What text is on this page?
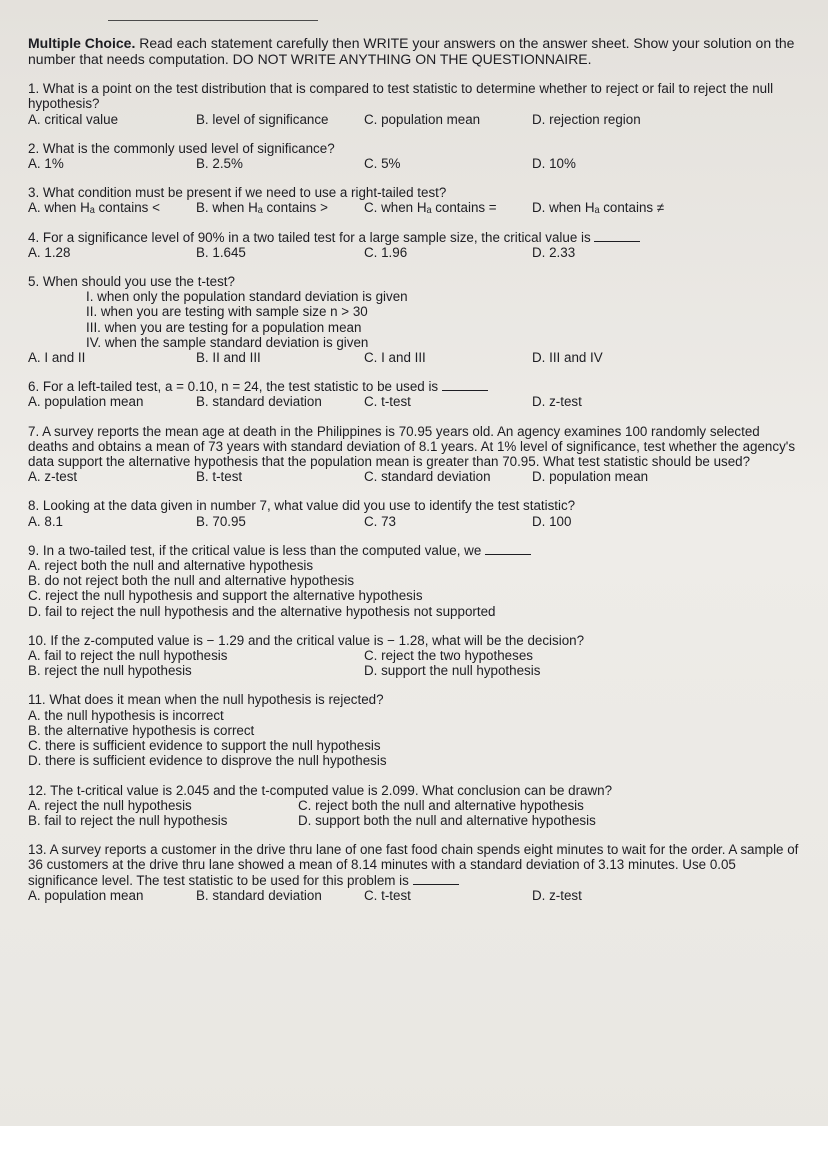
Multiple Choice. Read each statement carefully then WRITE your answers on the answer sheet. Show your solution on the number that needs computation. DO NOT WRITE ANYTHING ON THE QUESTIONNAIRE.
1. What is a point on the test distribution that is compared to test statistic to determine whether to reject or fail to reject the null hypothesis?
A. critical value	B. level of significance	C. population mean	D. rejection region
2. What is the commonly used level of significance?
A. 1%	B. 2.5%	C. 5%	D. 10%
3. What condition must be present if we need to use a right-tailed test?
A. when Hₐ contains <	B. when Hₐ contains >	C. when Hₐ contains =	D. when Hₐ contains ≠
4. For a significance level of 90% in a two tailed test for a large sample size, the critical value is
A. 1.28	B. 1.645	C. 1.96	D. 2.33
5. When should you use the t-test?
I. when only the population standard deviation is given
II. when you are testing with sample size n > 30
III. when you are testing for a population mean
IV. when the sample standard deviation is given
A. I and II	B. II and III	C. I and III	D. III and IV
6. For a left-tailed test, a = 0.10, n = 24, the test statistic to be used is
A. population mean	B. standard deviation	C. t-test	D. z-test
7. A survey reports the mean age at death in the Philippines is 70.95 years old. An agency examines 100 randomly selected deaths and obtains a mean of 73 years with standard deviation of 8.1 years. At 1% level of significance, test whether the agency's data support the alternative hypothesis that the population mean is greater than 70.95. What test statistic should be used?
A. z-test	B. t-test	C. standard deviation	D. population mean
8. Looking at the data given in number 7, what value did you use to identify the test statistic?
A. 8.1	B. 70.95	C. 73	D. 100
9. In a two-tailed test, if the critical value is less than the computed value, we
A. reject both the null and alternative hypothesis
B. do not reject both the null and alternative hypothesis
C. reject the null hypothesis and support the alternative hypothesis
D. fail to reject the null hypothesis and the alternative hypothesis not supported
10. If the z-computed value is − 1.29 and the critical value is − 1.28, what will be the decision?
A. fail to reject the null hypothesis	C. reject the two hypotheses
B. reject the null hypothesis	D. support the null hypothesis
11. What does it mean when the null hypothesis is rejected?
A. the null hypothesis is incorrect
B. the alternative hypothesis is correct
C. there is sufficient evidence to support the null hypothesis
D. there is sufficient evidence to disprove the null hypothesis
12. The t-critical value is 2.045 and the t-computed value is 2.099. What conclusion can be drawn?
A. reject the null hypothesis	C. reject both the null and alternative hypothesis
B. fail to reject the null hypothesis	D. support both the null and alternative hypothesis
13. A survey reports a customer in the drive thru lane of one fast food chain spends eight minutes to wait for the order. A sample of 36 customers at the drive thru lane showed a mean of 8.14 minutes with a standard deviation of 3.13 minutes. Use 0.05 significance level. The test statistic to be used for this problem is
A. population mean	B. standard deviation	C. t-test	D. z-test
